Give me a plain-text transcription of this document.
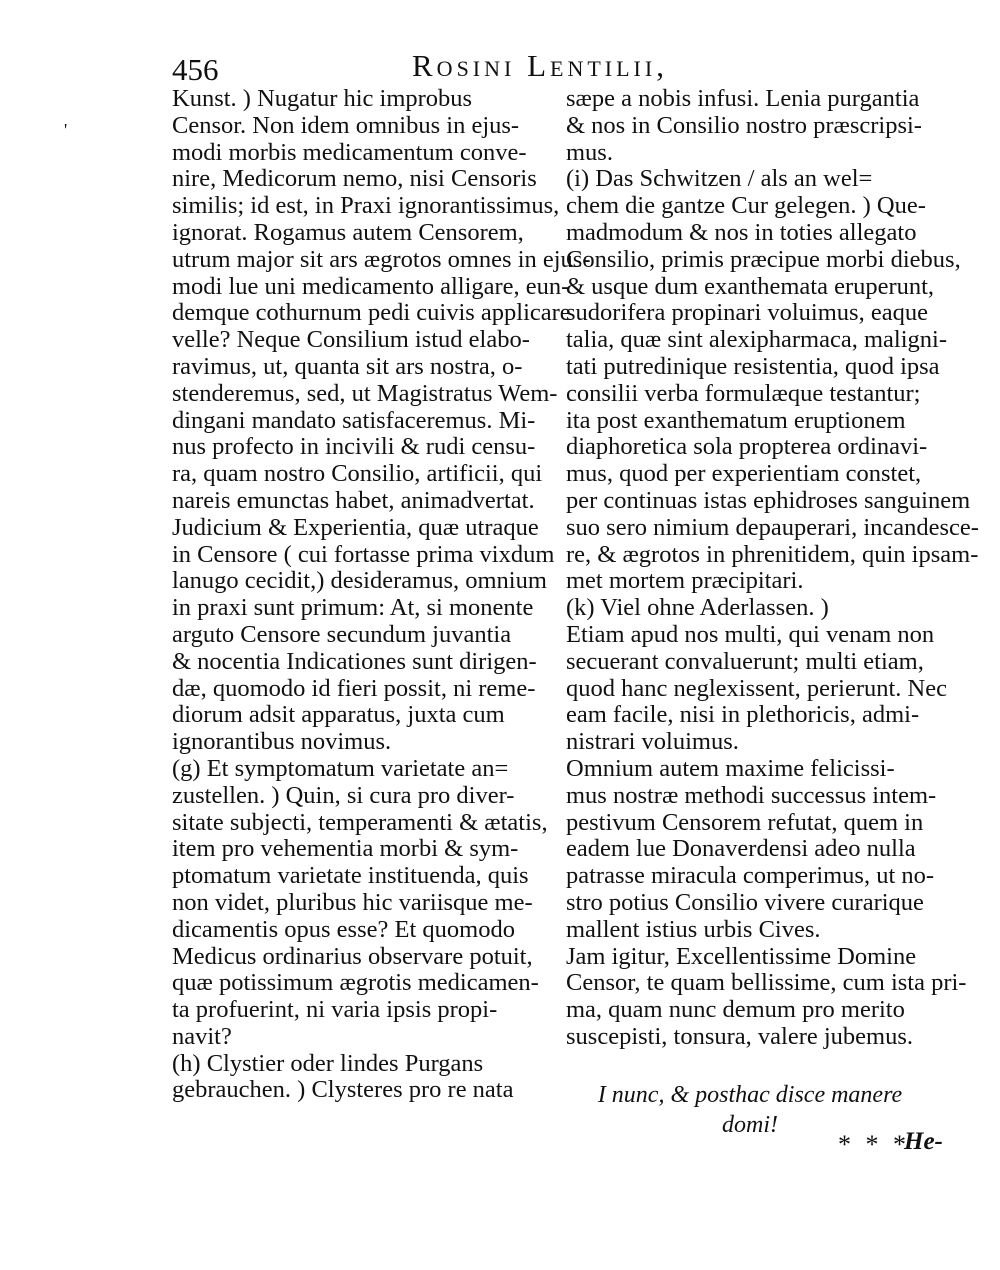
'
456	Rosini Lentilii,
Kunst. ) Nugatur hic improbus
Censor. Non idem omnibus in ejus-
modi morbis medicamentum conve-
nire, Medicorum nemo, nisi Censoris
similis; id est, in Praxi ignorantissimus,
ignorat. Rogamus autem Censorem,
utrum major sit ars ægrotos omnes in ejus-
modi lue uni medicamento alligare, eun-
demque cothurnum pedi cuivis applicare
velle? Neque Consilium istud elabo-
ravimus, ut, quanta sit ars nostra, o-
stenderemus, sed, ut Magistratus Wem-
dingani mandato satisfaceremus. Mi-
nus profecto in incivili & rudi censu-
ra, quam nostro Consilio, artificii, qui
nareis emunctas habet, animadvertat.
Judicium & Experientia, quæ utraque
in Censore ( cui fortasse prima vixdum
lanugo cecidit,) desideramus, omnium
in praxi sunt primum: At, si monente
arguto Censore secundum juvantia
& nocentia Indicationes sunt dirigen-
dæ, quomodo id fieri possit, ni reme-
diorum adsit apparatus, juxta cum
ignorantibus novimus.
(g) Et symptomatum varietate an=
zustellen. ) Quin, si cura pro diver-
sitate subjecti, temperamenti & ætatis,
item pro vehementia morbi & sym-
ptomatum varietate instituenda, quis
non videt, pluribus hic variisque me-
dicamentis opus esse? Et quomodo
Medicus ordinarius observare potuit,
quæ potissimum ægrotis medicamen-
ta profuerint, ni varia ipsis propi-
navit?
(h) Clystier oder lindes Purgans
gebrauchen. ) Clysteres pro re nata
sæpe a nobis infusi. Lenia purgantia
& nos in Consilio nostro præscripsi-
mus.
(i) Das Schwitzen / als an wel=
chem die gantze Cur gelegen. ) Que-
madmodum & nos in toties allegato
Consilio, primis præcipue morbi diebus,
& usque dum exanthemata eruperunt,
sudorifera propinari voluimus, eaque
talia, quæ sint alexipharmaca, maligni-
tati putredinique resistentia, quod ipsa
consilii verba formulæque testantur;
ita post exanthematum eruptionem
diaphoretica sola propterea ordinavi-
mus, quod per experientiam constet,
per continuas istas ephidroses sanguinem
suo sero nimium depauperari, incandesce-
re, & ægrotos in phrenitidem, quin ipsam-
met mortem præcipitari.
(k) Viel ohne Aderlassen. )
Etiam apud nos multi, qui venam non
secuerant convaluerunt; multi etiam,
quod hanc neglexissent, perierunt. Nec
eam facile, nisi in plethoricis, admi-
nistrari voluimus.
Omnium autem maxime felicissi-
mus nostræ methodi successus intem-
pestivum Censorem refutat, quem in
eadem lue Donaverdensi adeo nulla
patrasse miracula comperimus, ut no-
stro potius Consilio vivere curarique
mallent istius urbis Cives.
Jam igitur, Excellentissime Domine
Censor, te quam bellissime, cum ista pri-
ma, quam nunc demum pro merito
suscepisti, tonsura, valere jubemus.
I nunc, & posthac disce manere
domi!
* * *
He-
